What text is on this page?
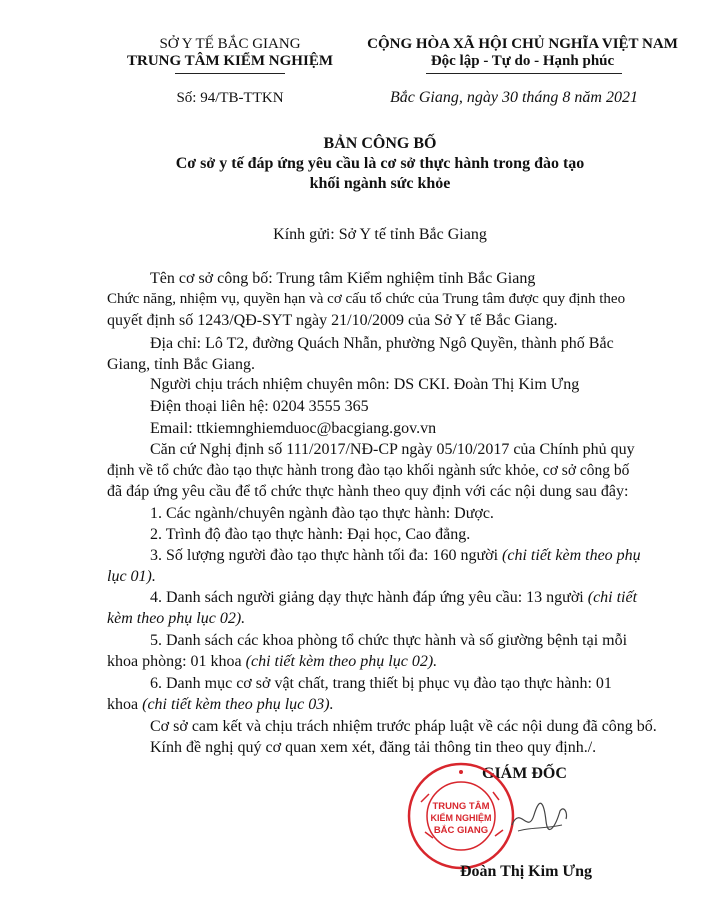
SỞ Y TẾ BẮC GIANG
TRUNG TÂM KIỂM NGHIỆM
Số: 94/TB-TTKN
CỘNG HÒA XÃ HỘI CHỦ NGHĨA VIỆT NAM
Độc lập - Tự do - Hạnh phúc
Bắc Giang, ngày 30 tháng 8 năm 2021
BẢN CÔNG BỐ
Cơ sở y tế đáp ứng yêu cầu là cơ sở thực hành trong đào tạo
khối ngành sức khỏe
Kính gửi: Sở Y tế tỉnh Bắc Giang
Tên cơ sở công bố: Trung tâm Kiểm nghiệm tỉnh Bắc Giang
Chức năng, nhiệm vụ, quyền hạn và cơ cấu tổ chức của Trung tâm được quy định theo
quyết định số 1243/QĐ-SYT ngày 21/10/2009 của Sở Y tế Bắc Giang.
Địa chỉ: Lô T2, đường Quách Nhẫn, phường Ngô Quyền, thành phố Bắc
Giang, tỉnh Bắc Giang.
Người chịu trách nhiệm chuyên môn: DS CKI. Đoàn Thị Kim Ưng
Điện thoại liên hệ: 0204 3555 365
Email: ttkiemnghiemduoc@bacgiang.gov.vn
Căn cứ Nghị định số 111/2017/NĐ-CP ngày 05/10/2017 của Chính phủ quy
định về tổ chức đào tạo thực hành trong đào tạo khối ngành sức khỏe, cơ sở công bố
đã đáp ứng yêu cầu để tổ chức thực hành theo quy định với các nội dung sau đây:
1. Các ngành/chuyên ngành đào tạo thực hành: Dược.
2. Trình độ đào tạo thực hành: Đại học, Cao đẳng.
3. Số lượng người đào tạo thực hành tối đa: 160 người (chi tiết kèm theo phụ
lục 01).
4. Danh sách người giảng dạy thực hành đáp ứng yêu cầu: 13 người (chi tiết
kèm theo phụ lục 02).
5. Danh sách các khoa phòng tổ chức thực hành và số giường bệnh tại mỗi
khoa phòng: 01 khoa (chi tiết kèm theo phụ lục 02).
6. Danh mục cơ sở vật chất, trang thiết bị phục vụ đào tạo thực hành: 01
khoa (chi tiết kèm theo phụ lục 03).
Cơ sở cam kết và chịu trách nhiệm trước pháp luật về các nội dung đã công bố.
Kính đề nghị quý cơ quan xem xét, đăng tải thông tin theo quy định./.
GIÁM ĐỐC
TRUNG TÂM
KIỂM NGHIỆM
BẮC GIANG
Đoàn Thị Kim Ưng
